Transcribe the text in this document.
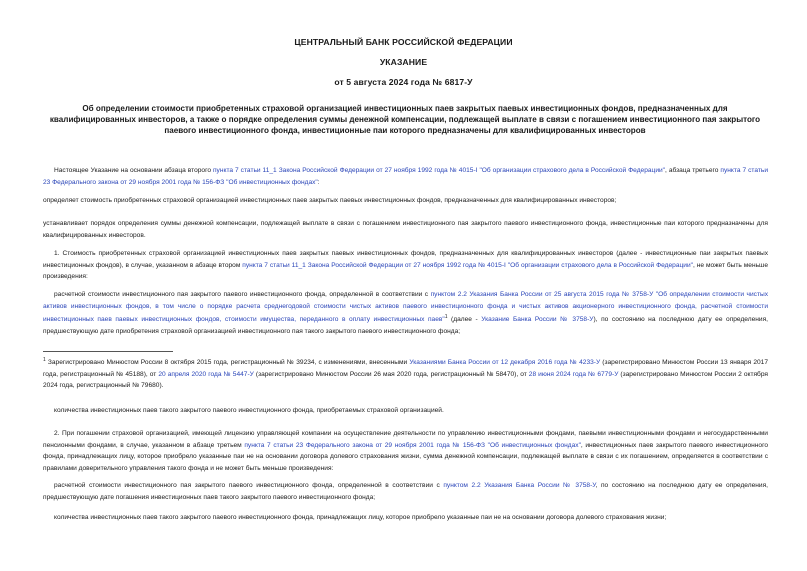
ЦЕНТРАЛЬНЫЙ БАНК РОССИЙСКОЙ ФЕДЕРАЦИИ
УКАЗАНИЕ
от 5 августа 2024 года № 6817-У
Об определении стоимости приобретенных страховой организацией инвестиционных паев закрытых паевых инвестиционных фондов, предназначенных для квалифицированных инвесторов, а также о порядке определения суммы денежной компенсации, подлежащей выплате в связи с погашением инвестиционного пая закрытого паевого инвестиционного фонда, инвестиционные паи которого предназначены для квалифицированных инвесторов
Настоящее Указание на основании абзаца второго пункта 7 статьи 11_1 Закона Российской Федерации от 27 ноября 1992 года № 4015-I "Об организации страхового дела в Российской Федерации", абзаца третьего пункта 7 статьи 23 Федерального закона от 29 ноября 2001 года № 156-ФЗ "Об инвестиционных фондах":
определяет стоимость приобретенных страховой организацией инвестиционных паев закрытых паевых инвестиционных фондов, предназначенных для квалифицированных инвесторов;
устанавливает порядок определения суммы денежной компенсации, подлежащей выплате в связи с погашением инвестиционного пая закрытого паевого инвестиционного фонда, инвестиционные паи которого предназначены для квалифицированных инвесторов.
1. Стоимость приобретенных страховой организацией инвестиционных паев закрытых паевых инвестиционных фондов, предназначенных для квалифицированных инвесторов (далее - инвестиционные паи закрытых паевых инвестиционных фондов), в случае, указанном в абзаце втором пункта 7 статьи 11_1 Закона Российской Федерации от 27 ноября 1992 года № 4015-I "Об организации страхового дела в Российской Федерации", не может быть меньше произведения:
расчетной стоимости инвестиционного пая закрытого паевого инвестиционного фонда, определенной в соответствии с пунктом 2.2 Указания Банка России от 25 августа 2015 года № 3758-У "Об определении стоимости чистых активов инвестиционных фондов, в том числе о порядке расчета среднегодовой стоимости чистых активов паевого инвестиционного фонда и чистых активов акционерного инвестиционного фонда, расчетной стоимости инвестиционных паев паевых инвестиционных фондов, стоимости имущества, переданного в оплату инвестиционных паев"$^1$ (далее - Указание Банка России № 3758-У), по состоянию на последнюю дату ее определения, предшествующую дате приобретения страховой организацией инвестиционного пая такого закрытого паевого инвестиционного фонда;
$^1$ Зарегистрировано Минюстом России 8 октября 2015 года, регистрационный № 39234, с изменениями, внесенными Указаниями Банка России от 12 декабря 2016 года № 4233-У (зарегистрировано Минюстом России 13 января 2017 года, регистрационный № 45188), от 20 апреля 2020 года № 5447-У (зарегистрировано Минюстом России 26 мая 2020 года, регистрационный № 58470), от 28 июня 2024 года № 6779-У (зарегистрировано Минюстом России 2 октября 2024 года, регистрационный № 79680).
количества инвестиционных паев такого закрытого паевого инвестиционного фонда, приобретаемых страховой организацией.
2. При погашении страховой организацией, имеющей лицензию управляющей компании на осуществление деятельности по управлению инвестиционными фондами, паевыми инвестиционными фондами и негосударственными пенсионными фондами, в случае, указанном в абзаце третьем пункта 7 статьи 23 Федерального закона от 29 ноября 2001 года № 156-ФЗ "Об инвестиционных фондах", инвестиционных паев закрытого паевого инвестиционного фонда, принадлежащих лицу, которое приобрело указанные паи не на основании договора долевого страхования жизни, сумма денежной компенсации, подлежащей выплате в связи с их погашением, определяется в соответствии с правилами доверительного управления такого фонда и не может быть меньше произведения:
расчетной стоимости инвестиционного пая закрытого паевого инвестиционного фонда, определенной в соответствии с пунктом 2.2 Указания Банка России № 3758-У, по состоянию на последнюю дату ее определения, предшествующую дате погашения инвестиционных паев такого закрытого паевого инвестиционного фонда;
количества инвестиционных паев такого закрытого паевого инвестиционного фонда, принадлежащих лицу, которое приобрело указанные паи не на основании договора долевого страхования жизни;
